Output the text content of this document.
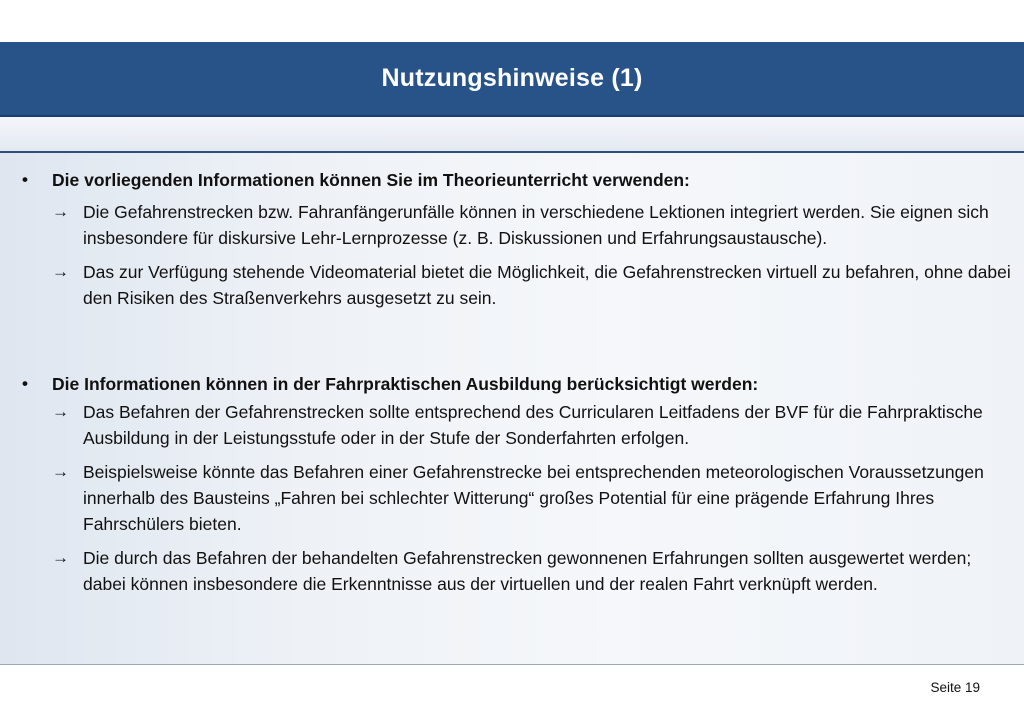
Nutzungshinweise (1)
• Die vorliegenden Informationen können Sie im Theorieunterricht verwenden:
→ Die Gefahrenstrecken bzw. Fahranfängerunfälle können in verschiedene Lektionen integriert werden. Sie eignen sich insbesondere für diskursive Lehr-Lernprozesse (z. B. Diskussionen und Erfahrungsaustausche).
→ Das zur Verfügung stehende Videomaterial bietet die Möglichkeit, die Gefahrenstrecken virtuell zu befahren, ohne dabei den Risiken des Straßenverkehrs ausgesetzt zu sein.
• Die Informationen können in der Fahrpraktischen Ausbildung berücksichtigt werden:
→ Das Befahren der Gefahrenstrecken sollte entsprechend des Curricularen Leitfadens der BVF für die Fahrpraktische Ausbildung in der Leistungsstufe oder in der Stufe der Sonderfahrten erfolgen.
→ Beispielsweise könnte das Befahren einer Gefahrenstrecke bei entsprechenden meteorologischen Voraussetzungen innerhalb des Bausteins „Fahren bei schlechter Witterung“ großes Potential für eine prägende Erfahrung Ihres Fahrschülers bieten.
→ Die durch das Befahren der behandelten Gefahrenstrecken gewonnenen Erfahrungen sollten ausgewertet werden; dabei können insbesondere die Erkenntnisse aus der virtuellen und der realen Fahrt verknüpft werden.
Seite 19
